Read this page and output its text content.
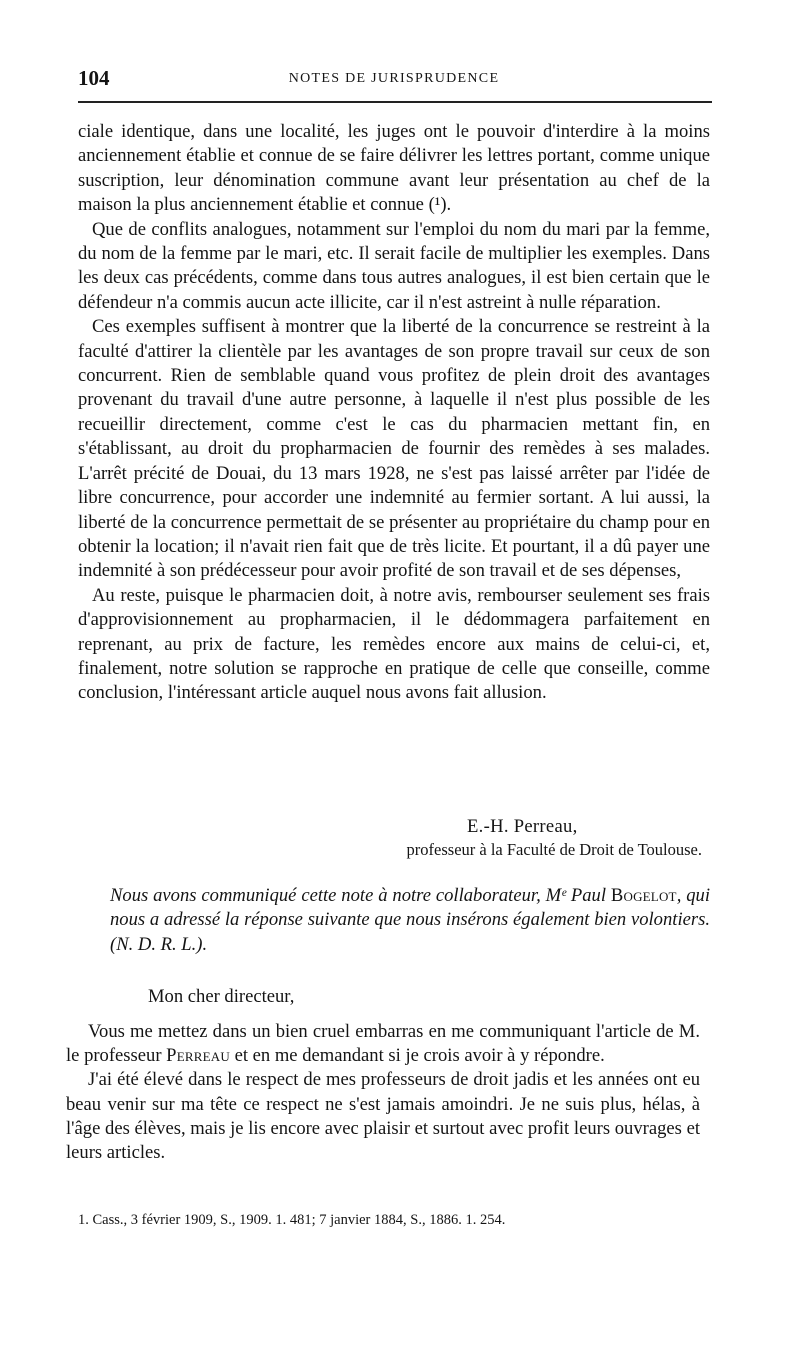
104	NOTES DE JURISPRUDENCE

ciale identique, dans une localité, les juges ont le pouvoir d'interdire à la moins anciennement établie et connue de se faire délivrer les lettres portant, comme unique suscription, leur dénomination commune avant leur présentation au chef de la maison la plus anciennement établie et connue (¹).

Que de conflits analogues, notamment sur l'emploi du nom du mari par la femme, du nom de la femme par le mari, etc. Il serait facile de multiplier les exemples. Dans les deux cas précédents, comme dans tous autres analogues, il est bien certain que le défendeur n'a commis aucun acte illicite, car il n'est astreint à nulle réparation.

Ces exemples suffisent à montrer que la liberté de la concurrence se restreint à la faculté d'attirer la clientèle par les avantages de son propre travail sur ceux de son concurrent. Rien de semblable quand vous profitez de plein droit des avantages provenant du travail d'une autre personne, à laquelle il n'est plus possible de les recueillir directement, comme c'est le cas du pharmacien mettant fin, en s'établissant, au droit du propharmacien de fournir des remèdes à ses malades. L'arrêt précité de Douai, du 13 mars 1928, ne s'est pas laissé arrêter par l'idée de libre concurrence, pour accorder une indemnité au fermier sortant. A lui aussi, la liberté de la concurrence permettait de se présenter au propriétaire du champ pour en obtenir la location; il n'avait rien fait que de très licite. Et pourtant, il a dû payer une indemnité à son prédécesseur pour avoir profité de son travail et de ses dépenses,

Au reste, puisque le pharmacien doit, à notre avis, rembourser seulement ses frais d'approvisionnement au propharmacien, il le dédommagera parfaitement en reprenant, au prix de facture, les remèdes encore aux mains de celui-ci, et, finalement, notre solution se rapproche en pratique de celle que conseille, comme conclusion, l'intéressant article auquel nous avons fait allusion.

E.-H. Perreau,
professeur à la Faculté de Droit de Toulouse.

Nous avons communiqué cette note à notre collaborateur, Mᵉ Paul Bogelot, qui nous a adressé la réponse suivante que nous insérons également bien volontiers. (N. D. R. L.).

Mon cher directeur,

Vous me mettez dans un bien cruel embarras en me communiquant l'article de M. le professeur Perreau et en me demandant si je crois avoir à y répondre.

J'ai été élevé dans le respect de mes professeurs de droit jadis et les années ont eu beau venir sur ma tête ce respect ne s'est jamais amoindri. Je ne suis plus, hélas, à l'âge des élèves, mais je lis encore avec plaisir et surtout avec profit leurs ouvrages et leurs articles.

1. Cass., 3 février 1909, S., 1909. 1. 481; 7 janvier 1884, S., 1886. 1. 254.
